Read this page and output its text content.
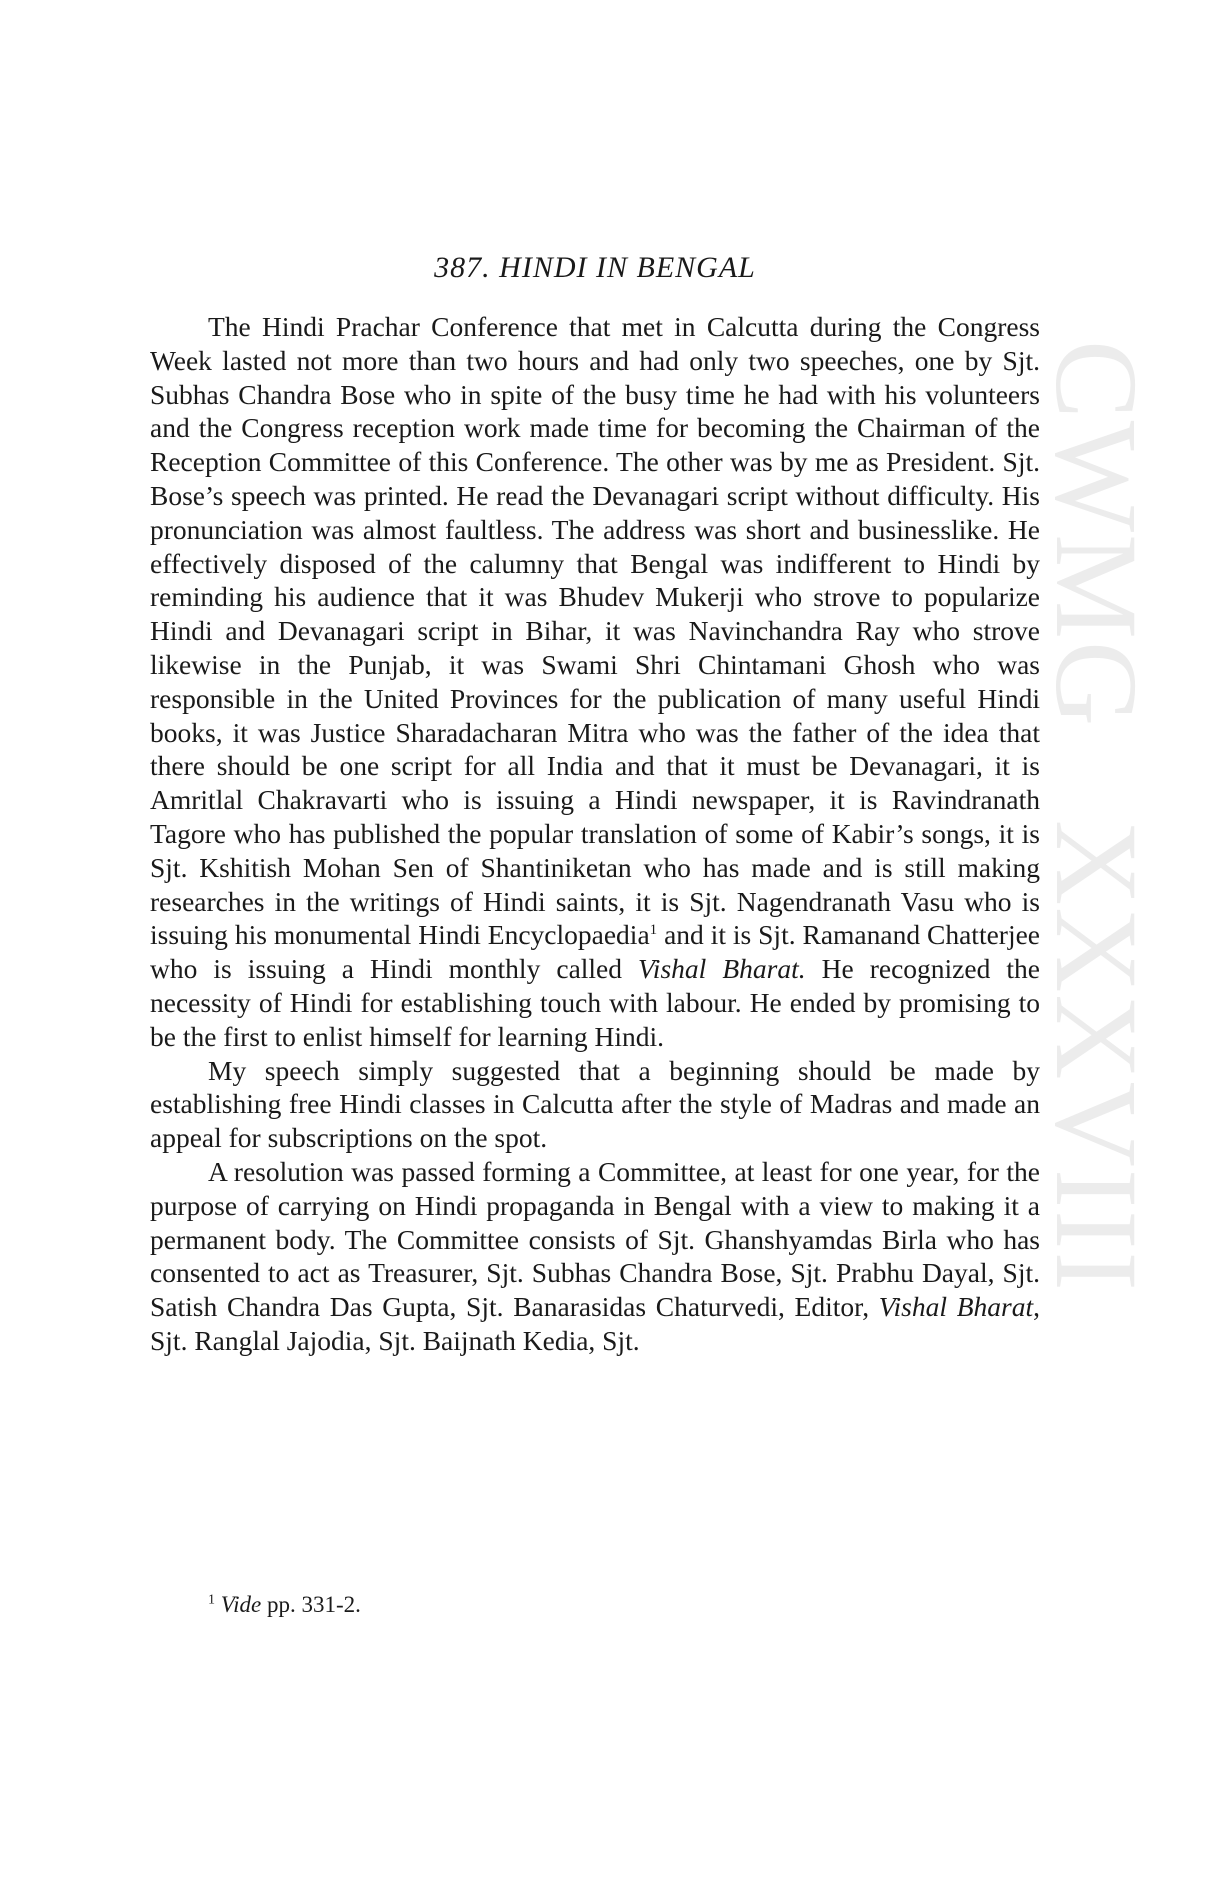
CWMG
XXXVIII
387. HINDI IN BENGAL

The Hindi Prachar Conference that met in Calcutta during the Congress Week lasted not more than two hours and had only two speeches, one by Sjt. Subhas Chandra Bose who in spite of the busy time he had with his volunteers and the Congress reception work made time for becoming the Chairman of the Reception Committee of this Conference. The other was by me as President. Sjt. Bose’s speech was printed. He read the Devanagari script without difficulty. His pronunciation was almost faultless. The address was short and businesslike. He effectively disposed of the calumny that Bengal was indifferent to Hindi by reminding his audience that it was Bhudev Mukerji who strove to popularize Hindi and Devanagari script in Bihar, it was Navinchandra Ray who strove likewise in the Punjab, it was Swami Shri Chintamani Ghosh who was responsible in the United Provinces for the publication of many useful Hindi books, it was Justice Sharadacharan Mitra who was the father of the idea that there should be one script for all India and that it must be Devanagari, it is Amritlal Chakravarti who is issuing a Hindi newspaper, it is Ravindranath Tagore who has published the popular translation of some of Kabir’s songs, it is Sjt. Kshitish Mohan Sen of Shantiniketan who has made and is still making researches in the writings of Hindi saints, it is Sjt. Nagendranath Vasu who is issuing his monumental Hindi Encyclopaedia$^1$ and it is Sjt. Ramanand Chatterjee who is issuing a Hindi monthly called Vishal Bharat. He recognized the necessity of Hindi for establishing touch with labour. He ended by promising to be the first to enlist himself for learning Hindi.

My speech simply suggested that a beginning should be made by establishing free Hindi classes in Calcutta after the style of Madras and made an appeal for subscriptions on the spot.

A resolution was passed forming a Committee, at least for one year, for the purpose of carrying on Hindi propaganda in Bengal with a view to making it a permanent body. The Committee consists of Sjt. Ghanshyamdas Birla who has consented to act as Treasurer, Sjt. Subhas Chandra Bose, Sjt. Prabhu Dayal, Sjt. Satish Chandra Das Gupta, Sjt. Banarasidas Chaturvedi, Editor, Vishal Bharat, Sjt. Ranglal Jajodia, Sjt. Baijnath Kedia, Sjt.

$^1$ Vide pp. 331-2.
